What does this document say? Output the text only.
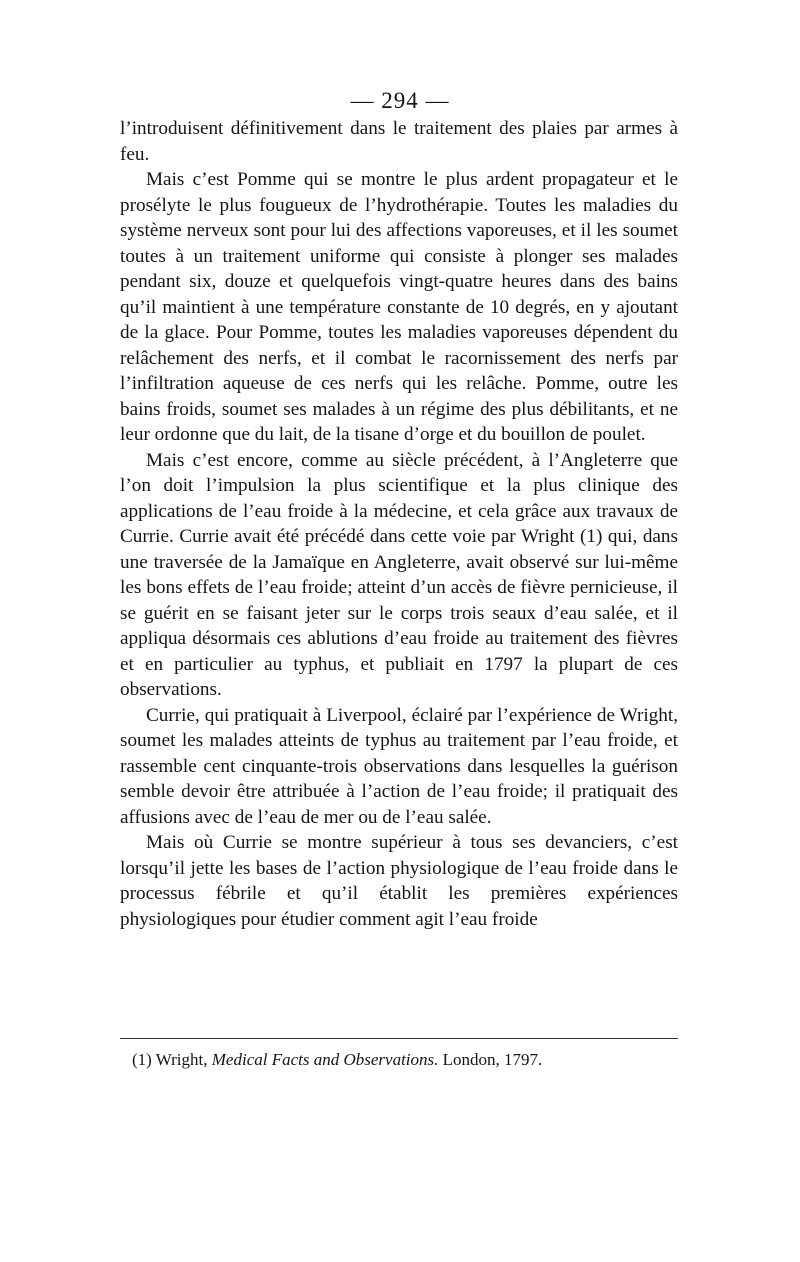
— 294 —

l’introduisent définitivement dans le traitement des plaies par armes à feu.

Mais c’est Pomme qui se montre le plus ardent propagateur et le prosélyte le plus fougueux de l’hydrothérapie. Toutes les maladies du système nerveux sont pour lui des affections vaporeuses, et il les soumet toutes à un traitement uniforme qui consiste à plonger ses malades pendant six, douze et quelquefois vingt-quatre heures dans des bains qu’il maintient à une température constante de 10 degrés, en y ajoutant de la glace. Pour Pomme, toutes les maladies vaporeuses dépendent du relâchement des nerfs, et il combat le racornissement des nerfs par l’infiltration aqueuse de ces nerfs qui les relâche. Pomme, outre les bains froids, soumet ses malades à un régime des plus débilitants, et ne leur ordonne que du lait, de la tisane d’orge et du bouillon de poulet.

Mais c’est encore, comme au siècle précédent, à l’Angleterre que l’on doit l’impulsion la plus scientifique et la plus clinique des applications de l’eau froide à la médecine, et cela grâce aux travaux de Currie. Currie avait été précédé dans cette voie par Wright (1) qui, dans une traversée de la Jamaïque en Angleterre, avait observé sur lui-même les bons effets de l’eau froide; atteint d’un accès de fièvre pernicieuse, il se guérit en se faisant jeter sur le corps trois seaux d’eau salée, et il appliqua désormais ces ablutions d’eau froide au traitement des fièvres et en particulier au typhus, et publiait en 1797 la plupart de ces observations.

Currie, qui pratiquait à Liverpool, éclairé par l’expérience de Wright, soumet les malades atteints de typhus au traitement par l’eau froide, et rassemble cent cinquante-trois observations dans lesquelles la guérison semble devoir être attribuée à l’action de l’eau froide; il pratiquait des affusions avec de l’eau de mer ou de l’eau salée.

Mais où Currie se montre supérieur à tous ses devanciers, c’est lorsqu’il jette les bases de l’action physiologique de l’eau froide dans le processus fébrile et qu’il établit les premières expériences physiologiques pour étudier comment agit l’eau froide

(1) Wright, Medical Facts and Observations. London, 1797.
